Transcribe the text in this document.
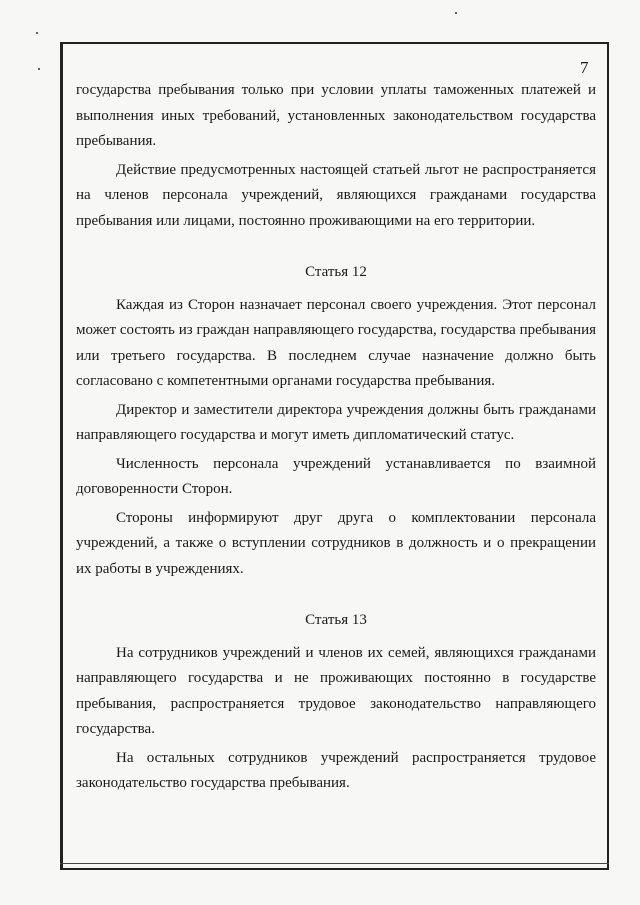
7

государства пребывания только при условии уплаты таможенных платежей и выполнения иных требований, установленных законодательством государства пребывания.

Действие предусмотренных настоящей статьей льгот не распространяется на членов персонала учреждений, являющихся гражданами государства пребывания или лицами, постоянно проживающими на его территории.

Статья 12

Каждая из Сторон назначает персонал своего учреждения. Этот персонал может состоять из граждан направляющего государства, государства пребывания или третьего государства. В последнем случае назначение должно быть согласовано с компетентными органами государства пребывания.

Директор и заместители директора учреждения должны быть гражданами направляющего государства и могут иметь дипломатический статус.

Численность персонала учреждений устанавливается по взаимной договоренности Сторон.

Стороны информируют друг друга о комплектовании персонала учреждений, а также о вступлении сотрудников в должность и о прекращении их работы в учреждениях.

Статья 13

На сотрудников учреждений и членов их семей, являющихся гражданами направляющего государства и не проживающих постоянно в государстве пребывания, распространяется трудовое законодательство направляющего государства.

На остальных сотрудников учреждений распространяется трудовое законодательство государства пребывания.
